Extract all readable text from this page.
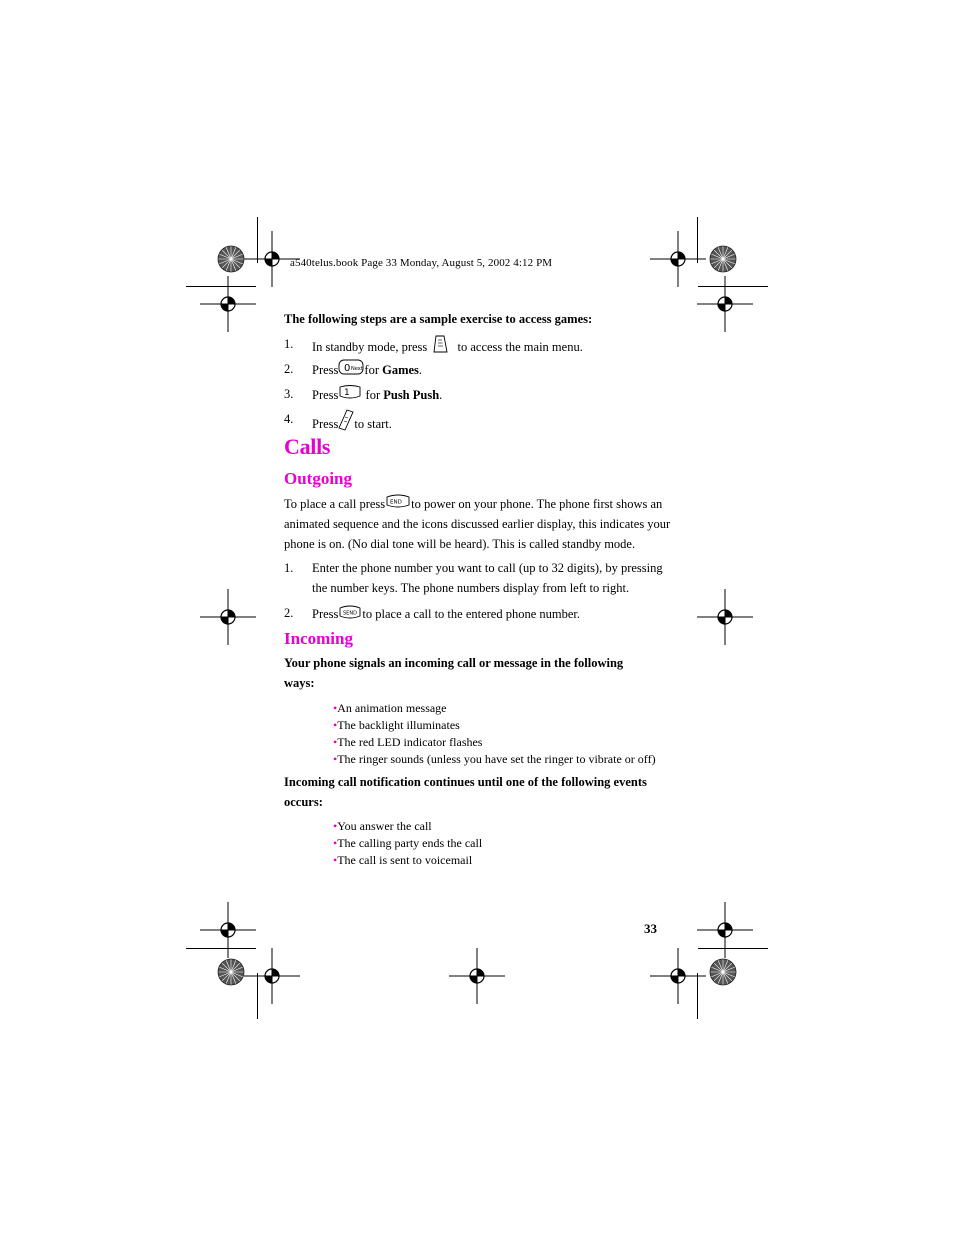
a540telus.book Page 33 Monday, August 5, 2002 4:12 PM
The following steps are a sample exercise to access games:
1. In standby mode, press to access the main menu.
2. Press 0 Next for Games.
3. Press 1 for Push Push.
4. Press to start.
Calls
Outgoing
To place a call press END to power on your phone. The phone first shows an
animated sequence and the icons discussed earlier display, this indicates your
phone is on. (No dial tone will be heard). This is called standby mode.
1. Enter the phone number you want to call (up to 32 digits), by pressing
the number keys. The phone numbers display from left to right.
2. Press SEND to place a call to the entered phone number.
Incoming
Your phone signals an incoming call or message in the following
ways:
•An animation message
•The backlight illuminates
•The red LED indicator flashes
•The ringer sounds (unless you have set the ringer to vibrate or off)
Incoming call notification continues until one of the following events
occurs:
•You answer the call
•The calling party ends the call
•The call is sent to voicemail
33
